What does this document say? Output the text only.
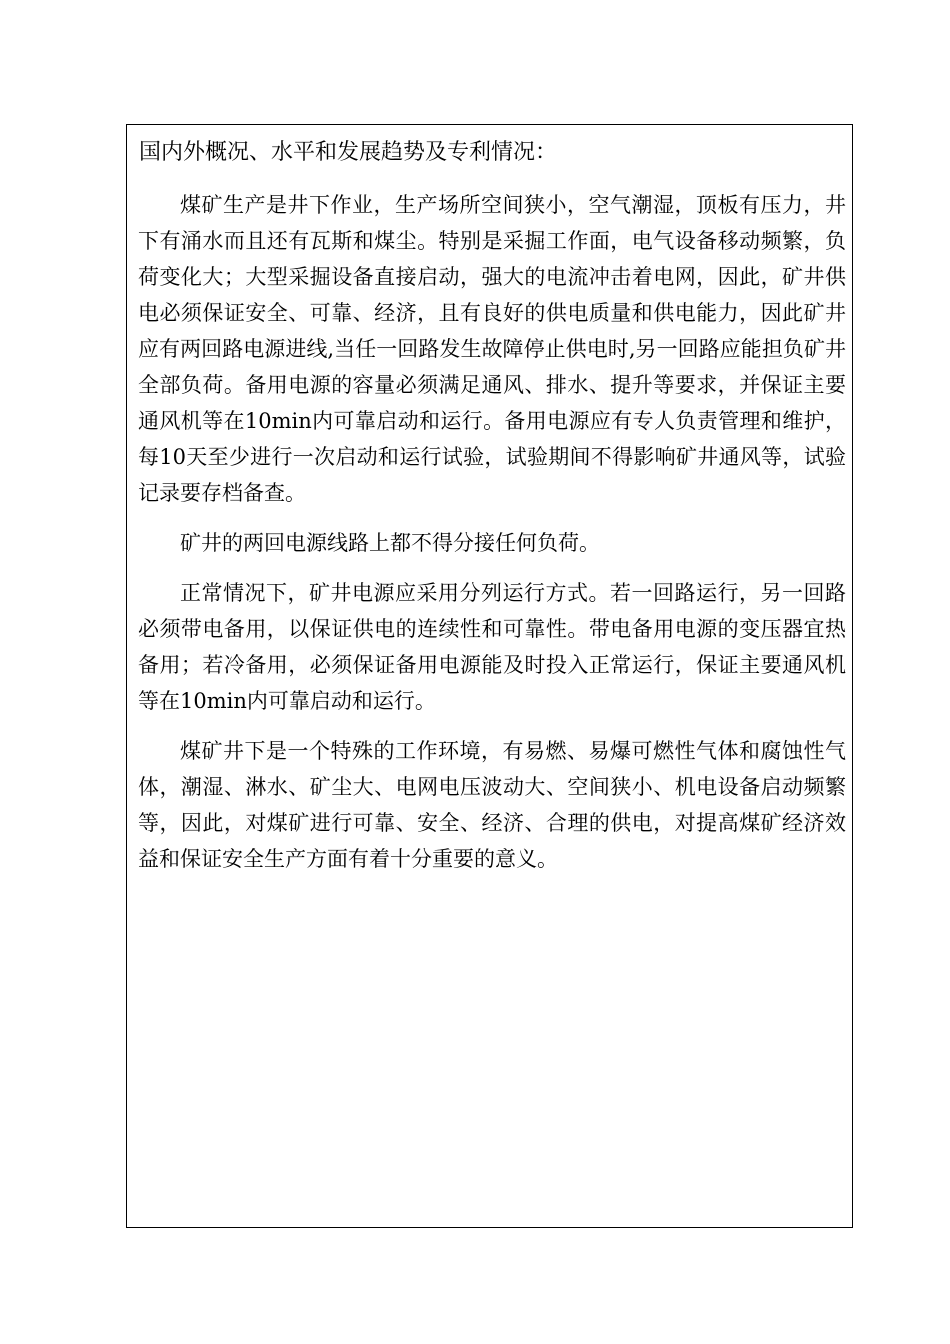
国内外概况、水平和发展趋势及专利情况：

煤矿生产是井下作业，生产场所空间狭小，空气潮湿，顶板有压力，井下有涌水而且还有瓦斯和煤尘。特别是采掘工作面，电气设备移动频繁，负荷变化大；大型采掘设备直接启动，强大的电流冲击着电网，因此，矿井供电必须保证安全、可靠、经济，且有良好的供电质量和供电能力，因此矿井应有两回路电源进线,当任一回路发生故障停止供电时,另一回路应能担负矿井全部负荷。备用电源的容量必须满足通风、排水、提升等要求，并保证主要通风机等在10min内可靠启动和运行。备用电源应有专人负责管理和维护，每10天至少进行一次启动和运行试验，试验期间不得影响矿井通风等，试验记录要存档备查。

矿井的两回电源线路上都不得分接任何负荷。

正常情况下，矿井电源应采用分列运行方式。若一回路运行，另一回路必须带电备用，以保证供电的连续性和可靠性。带电备用电源的变压器宜热备用；若冷备用，必须保证备用电源能及时投入正常运行，保证主要通风机等在10min内可靠启动和运行。

煤矿井下是一个特殊的工作环境，有易燃、易爆可燃性气体和腐蚀性气体，潮湿、淋水、矿尘大、电网电压波动大、空间狭小、机电设备启动频繁等，因此，对煤矿进行可靠、安全、经济、合理的供电，对提高煤矿经济效益和保证安全生产方面有着十分重要的意义。
